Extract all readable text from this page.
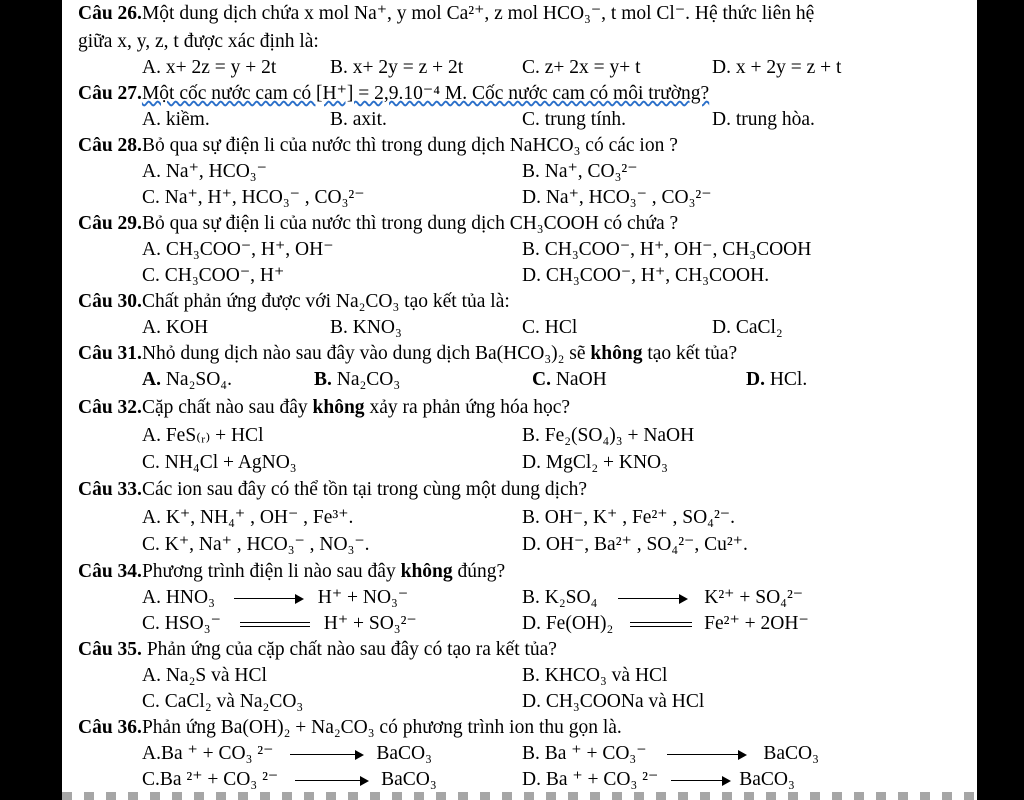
Câu 26.Một dung dịch chứa x mol Na⁺, y mol Ca²⁺, z mol HCO₃⁻, t mol Cl⁻. Hệ thức liên hệ
giữa x, y, z, t được xác định là:
A. x+ 2z = y + 2t	B. x+ 2y = z + 2t	C. z+ 2x = y+ t	D. x + 2y = z + t
Câu 27.Một cốc nước cam có [H⁺] = 2,9.10⁻⁴ M. Cốc nước cam có môi trường?
A. kiềm.	B. axit.	C. trung tính.	D. trung hòa.
Câu 28.Bỏ qua sự điện li của nước thì trong dung dịch NaHCO₃ có các ion ?
A. Na⁺, HCO₃⁻	B. Na⁺, CO₃²⁻
C. Na⁺, H⁺, HCO₃⁻ , CO₃²⁻	D. Na⁺, HCO₃⁻ , CO₃²⁻
Câu 29.Bỏ qua sự điện li của nước thì trong dung dịch CH₃COOH có chứa ?
A. CH₃COO⁻, H⁺, OH⁻	B. CH₃COO⁻, H⁺, OH⁻, CH₃COOH
C. CH₃COO⁻, H⁺	D. CH₃COO⁻, H⁺, CH₃COOH.
Câu 30.Chất phản ứng được với Na₂CO₃ tạo kết tủa là:
A. KOH	B. KNO₃	C. HCl	D. CaCl₂
Câu 31.Nhỏ dung dịch nào sau đây vào dung dịch Ba(HCO₃)₂ sẽ không tạo kết tủa?
A. Na₂SO₄.	B. Na₂CO₃	C. NaOH	D. HCl.
Câu 32.Cặp chất nào sau đây không xảy ra phản ứng hóa học?
A. FeS₍ᵣ₎ + HCl	B. Fe₂(SO₄)₃ + NaOH
C. NH₄Cl + AgNO₃	D. MgCl₂ + KNO₃
Câu 33.Các ion sau đây có thể tồn tại trong cùng một dung dịch?
A. K⁺, NH₄⁺ , OH⁻ , Fe³⁺.	B. OH⁻, K⁺ , Fe²⁺ , SO₄²⁻.
C. K⁺, Na⁺ , HCO₃⁻ , NO₃⁻.	D. OH⁻, Ba²⁺ , SO₄²⁻, Cu²⁺.
Câu 34.Phương trình điện li nào sau đây không đúng?
A. HNO₃	H⁺ + NO₃⁻	B. K₂SO₄	K²⁺ + SO₄²⁻
C. HSO₃⁻	H⁺ + SO₃²⁻	D. Fe(OH)₂	Fe²⁺ + 2OH⁻
Câu 35. Phản ứng của cặp chất nào sau đây có tạo ra kết tủa?
A. Na₂S và HCl	B. KHCO₃ và HCl
C. CaCl₂ và Na₂CO₃	D. CH₃COONa và HCl
Câu 36.Phản ứng Ba(OH)₂ + Na₂CO₃ có phương trình ion thu gọn là.
A.Ba ⁺ + CO₃ ²⁻	BaCO₃	B. Ba ⁺ + CO₃⁻	BaCO₃
C.Ba ²⁺ + CO₃ ²⁻	BaCO₃	D. Ba ⁺ + CO₃ ²⁻	BaCO₃
